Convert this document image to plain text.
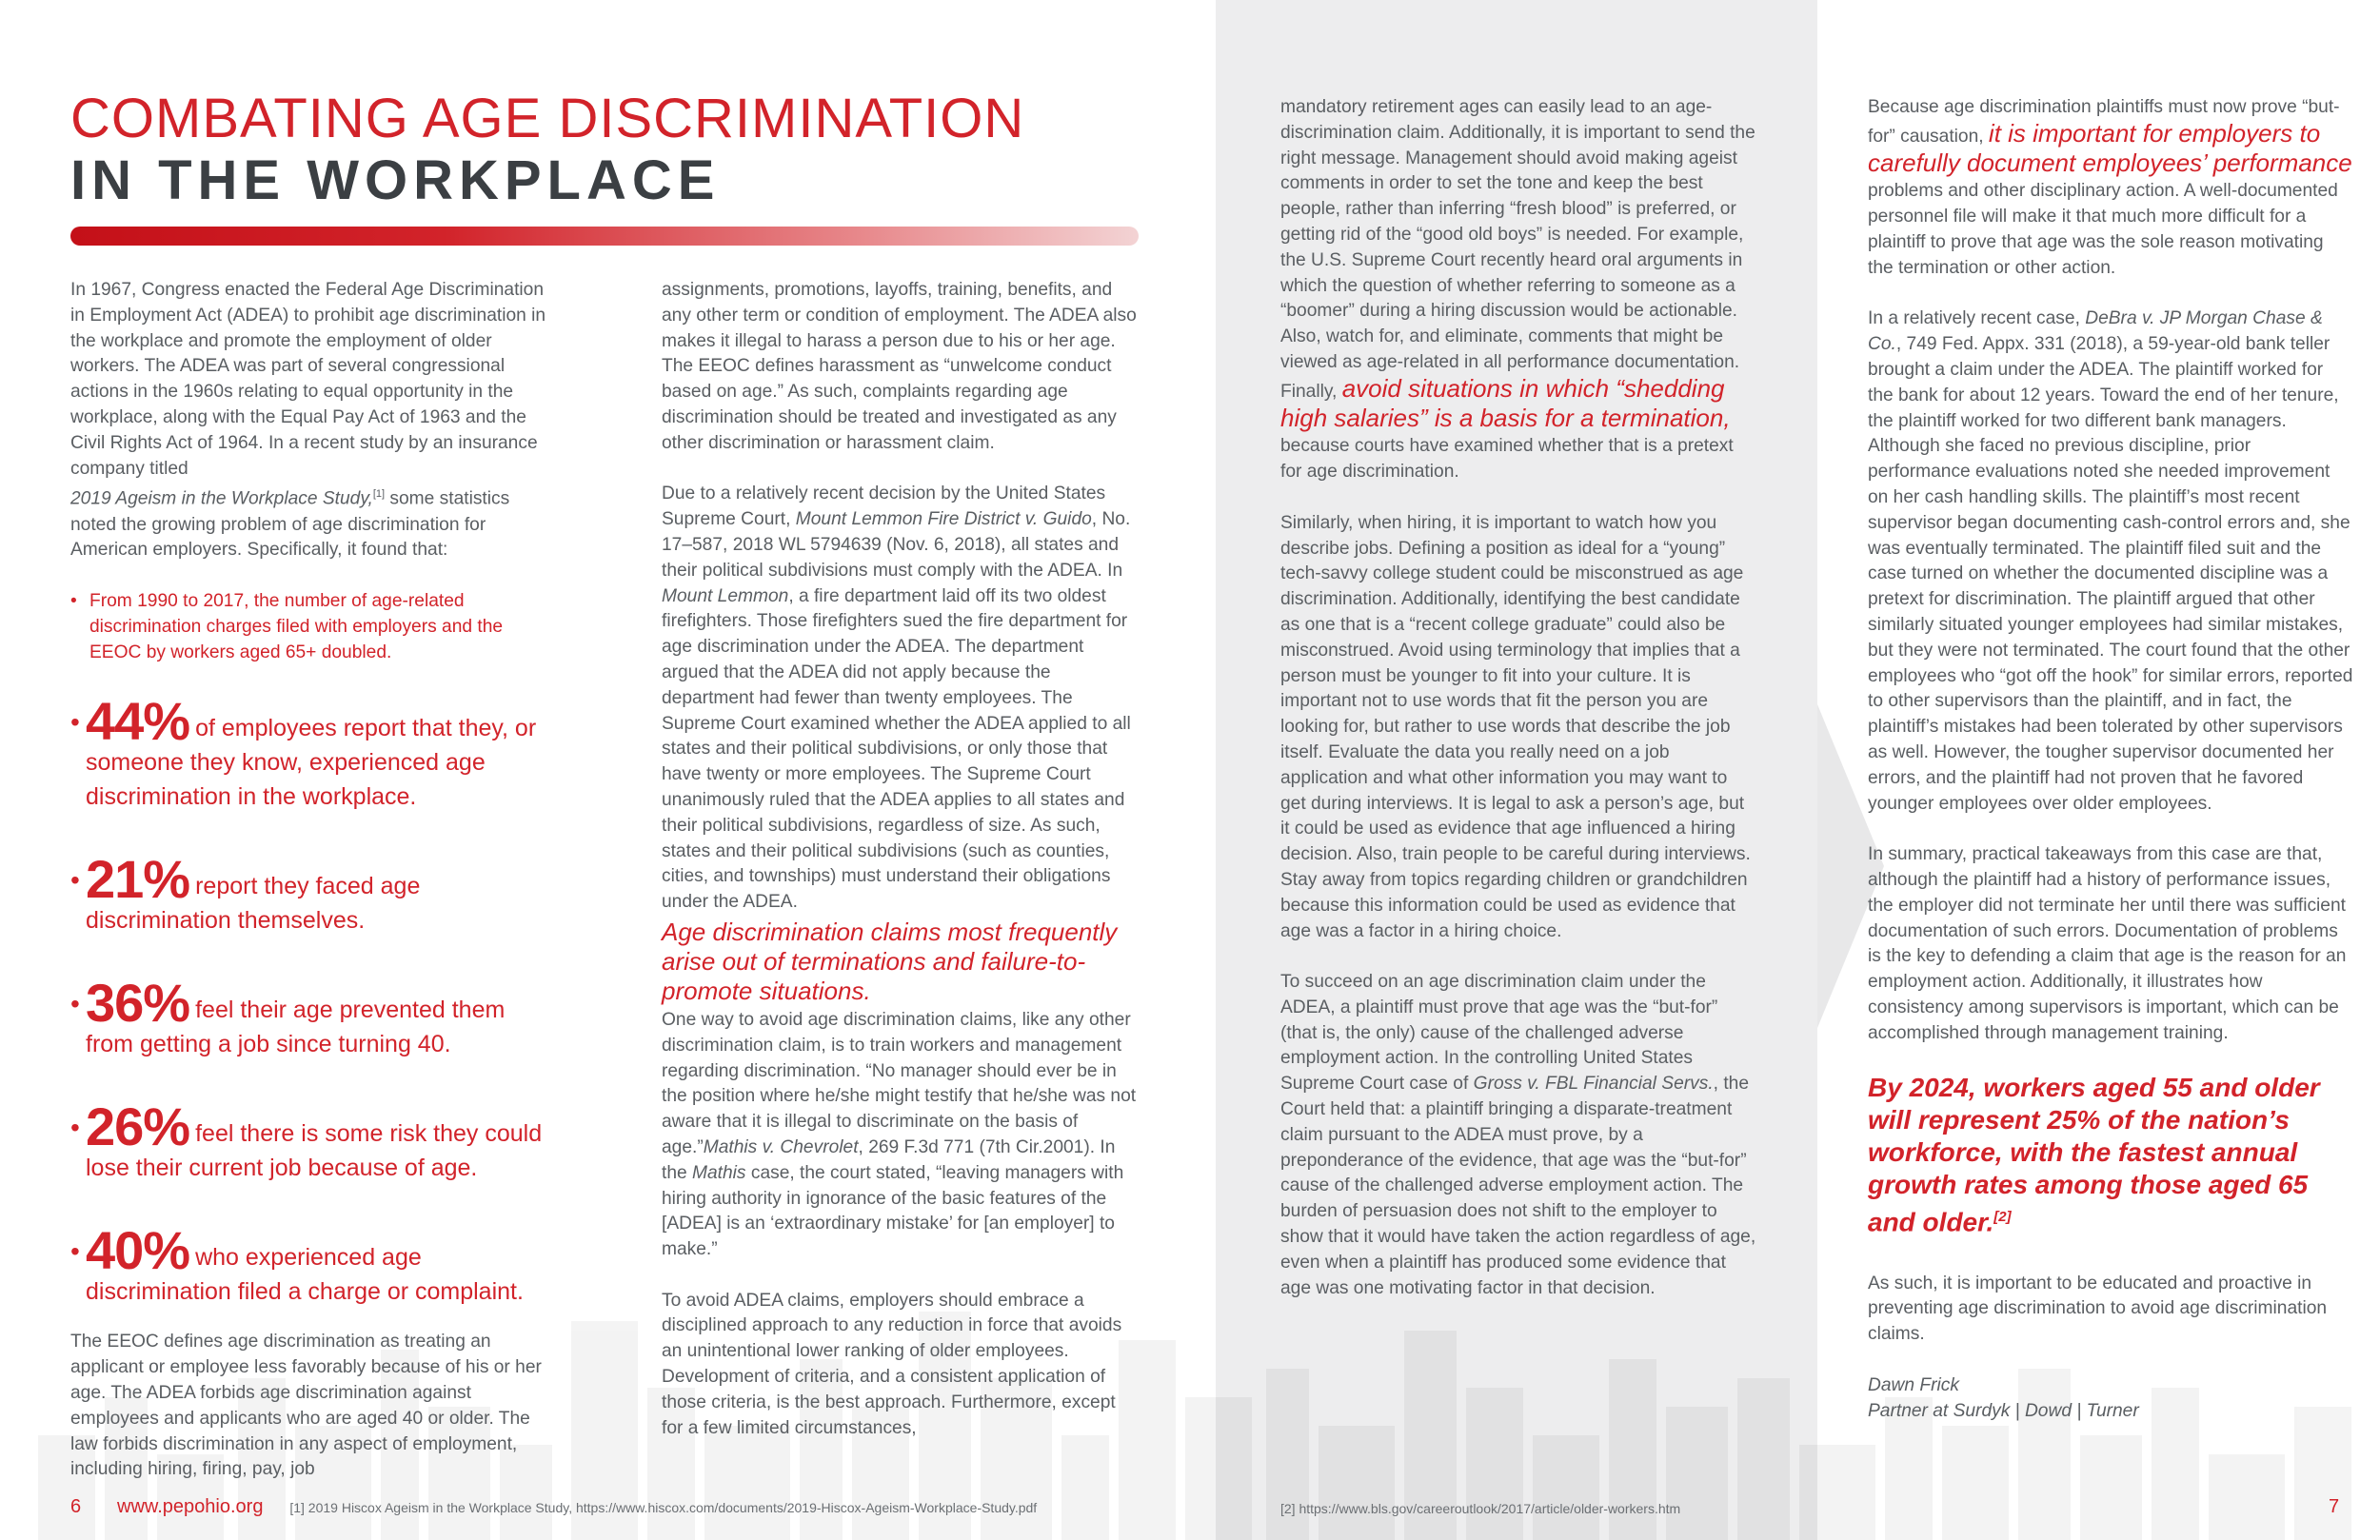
COMBATING AGE DISCRIMINATION
IN THE WORKPLACE

In 1967, Congress enacted the Federal Age Discrimination in Employment Act (ADEA) to prohibit age discrimination in the workplace and promote the employment of older workers. The ADEA was part of several congressional actions in the 1960s relating to equal opportunity in the workplace, along with the Equal Pay Act of 1963 and the Civil Rights Act of 1964. In a recent study by an insurance company titled
2019 Ageism in the Workplace Study,[1] some statistics noted the growing problem of age discrimination for American employers. Specifically, it found that:

• From 1990 to 2017, the number of age-related discrimination charges filed with employers and the EEOC by workers aged 65+ doubled.
• 44% of employees report that they, or someone they know, experienced age discrimination in the workplace.
• 21% report they faced age discrimination themselves.
• 36% feel their age prevented them from getting a job since turning 40.
• 26% feel there is some risk they could lose their current job because of age.
• 40% who experienced age discrimination filed a charge or complaint.

The EEOC defines age discrimination as treating an applicant or employee less favorably because of his or her age. The ADEA forbids age discrimination against employees and applicants who are aged 40 or older. The law forbids discrimination in any aspect of employment, including hiring, firing, pay, job

assignments, promotions, layoffs, training, benefits, and any other term or condition of employment. The ADEA also makes it illegal to harass a person due to his or her age. The EEOC defines harassment as “unwelcome conduct based on age.” As such, complaints regarding age discrimination should be treated and investigated as any other discrimination or harassment claim.

Due to a relatively recent decision by the United States Supreme Court, Mount Lemmon Fire District v. Guido, No. 17–587, 2018 WL 5794639 (Nov. 6, 2018), all states and their political subdivisions must comply with the ADEA. In Mount Lemmon, a fire department laid off its two oldest firefighters. Those firefighters sued the fire department for age discrimination under the ADEA. The department argued that the ADEA did not apply because the department had fewer than twenty employees. The Supreme Court examined whether the ADEA applied to all states and their political subdivisions, or only those that have twenty or more employees. The Supreme Court unanimously ruled that the ADEA applies to all states and their political subdivisions, regardless of size. As such, states and their political subdivisions (such as counties, cities, and townships) must understand their obligations under the ADEA.

Age discrimination claims most frequently arise out of terminations and failure-to-promote situations.

One way to avoid age discrimination claims, like any other discrimination claim, is to train workers and management regarding discrimination. “No manager should ever be in the position where he/she might testify that he/she was not aware that it is illegal to discriminate on the basis of age.”Mathis v. Chevrolet, 269 F.3d 771 (7th Cir.2001). In the Mathis case, the court stated, “leaving managers with hiring authority in ignorance of the basic features of the [ADEA] is an ‘extraordinary mistake’ for [an employer] to make.”

To avoid ADEA claims, employers should embrace a disciplined approach to any reduction in force that avoids an unintentional lower ranking of older employees. Development of criteria, and a consistent application of those criteria, is the best approach. Furthermore, except for a few limited circumstances,

mandatory retirement ages can easily lead to an age-discrimination claim. Additionally, it is important to send the right message. Management should avoid making ageist comments in order to set the tone and keep the best people, rather than inferring “fresh blood” is preferred, or getting rid of the “good old boys” is needed. For example, the U.S. Supreme Court recently heard oral arguments in which the question of whether referring to someone as a “boomer” during a hiring discussion would be actionable. Also, watch for, and eliminate, comments that might be viewed as age-related in all performance documentation. Finally, avoid situations in which “shedding high salaries” is a basis for a termination, because courts have examined whether that is a pretext for age discrimination.

Similarly, when hiring, it is important to watch how you describe jobs. Defining a position as ideal for a “young” tech-savvy college student could be misconstrued as age discrimination. Additionally, identifying the best candidate as one that is a “recent college graduate” could also be misconstrued. Avoid using terminology that implies that a person must be younger to fit into your culture. It is important not to use words that fit the person you are looking for, but rather to use words that describe the job itself. Evaluate the data you really need on a job application and what other information you may want to get during interviews. It is legal to ask a person’s age, but it could be used as evidence that age influenced a hiring decision. Also, train people to be careful during interviews. Stay away from topics regarding children or grandchildren because this information could be used as evidence that age was a factor in a hiring choice.

To succeed on an age discrimination claim under the ADEA, a plaintiff must prove that age was the “but-for” (that is, the only) cause of the challenged adverse employment action. In the controlling United States Supreme Court case of Gross v. FBL Financial Servs., the Court held that: a plaintiff bringing a disparate-treatment claim pursuant to the ADEA must prove, by a preponderance of the evidence, that age was the “but-for” cause of the challenged adverse employment action. The burden of persuasion does not shift to the employer to show that it would have taken the action regardless of age, even when a plaintiff has produced some evidence that age was one motivating factor in that decision.

Because age discrimination plaintiffs must now prove “but-for” causation, it is important for employers to carefully document employees’ performance problems and other disciplinary action. A well-documented personnel file will make it that much more difficult for a plaintiff to prove that age was the sole reason motivating the termination or other action.

In a relatively recent case, DeBra v. JP Morgan Chase & Co., 749 Fed. Appx. 331 (2018), a 59-year-old bank teller brought a claim under the ADEA. The plaintiff worked for the bank for about 12 years. Toward the end of her tenure, the plaintiff worked for two different bank managers. Although she faced no previous discipline, prior performance evaluations noted she needed improvement on her cash handling skills. The plaintiff’s most recent supervisor began documenting cash-control errors and, she was eventually terminated. The plaintiff filed suit and the case turned on whether the documented discipline was a pretext for discrimination. The plaintiff argued that other similarly situated younger employees had similar mistakes, but they were not terminated. The court found that the other employees who “got off the hook” for similar errors, reported to other supervisors than the plaintiff, and in fact, the plaintiff’s mistakes had been tolerated by other supervisors as well. However, the tougher supervisor documented her errors, and the plaintiff had not proven that he favored younger employees over older employees.

In summary, practical takeaways from this case are that, although the plaintiff had a history of performance issues, the employer did not terminate her until there was sufficient documentation of such errors. Documentation of problems is the key to defending a claim that age is the reason for an employment action. Additionally, it illustrates how consistency among supervisors is important, which can be accomplished through management training.

By 2024, workers aged 55 and older will represent 25% of the nation’s workforce, with the fastest annual growth rates among those aged 65 and older.[2]

As such, it is important to be educated and proactive in preventing age discrimination to avoid age discrimination claims.

Dawn Frick
Partner at Surdyk | Dowd | Turner
6 www.pepohio.org [1] 2019 Hiscox Ageism in the Workplace Study, https://www.hiscox.com/documents/2019-Hiscox-Ageism-Workplace-Study.pdf	[2] https://www.bls.gov/careeroutlook/2017/article/older-workers.htm	7
